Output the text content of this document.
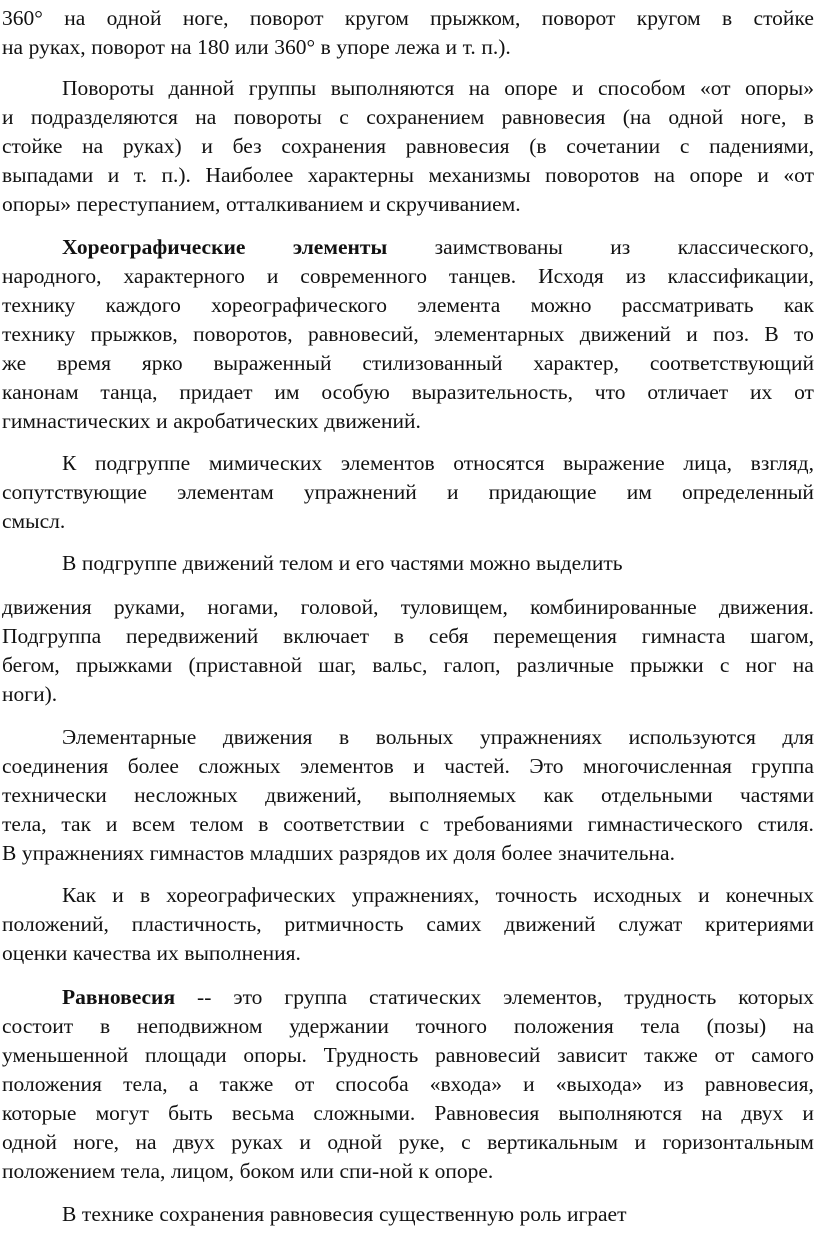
360° на одной ноге, поворот кругом прыжком, поворот кругом в стойке
на руках, поворот на 180 или 360° в упоре лежа и т. п.).
Повороты данной группы выполняются на опоре и способом «от опоры»
и подразделяются на повороты с сохранением равновесия (на одной ноге, в
стойке на руках) и без сохранения равновесия (в сочетании с падениями,
выпадами и т. п.). Наиболее характерны механизмы поворотов на опоре и «от
опоры» переступанием, отталкиванием и скручиванием.
Хореографические элементы заимствованы из классического,
народного, характерного и современного танцев. Исходя из классификации,
технику каждого хореографического элемента можно рассматривать как
технику прыжков, поворотов, равновесий, элементарных движений и поз. В то
же время ярко выраженный стилизованный характер, соответствующий
канонам танца, придает им особую выразительность, что отличает их от
гимнастических и акробатических движений.
К подгруппе мимических элементов относятся выражение лица, взгляд,
сопутствующие элементам упражнений и придающие им определенный
смысл.
В подгруппе движений телом и его частями можно выделить
движения руками, ногами, головой, туловищем, комбинированные движения.
Подгруппа передвижений включает в себя перемещения гимнаста шагом,
бегом, прыжками (приставной шаг, вальс, галоп, различные прыжки с ног на
ноги).
Элементарные движения в вольных упражнениях используются для
соединения более сложных элементов и частей. Это многочисленная группа
технически несложных движений, выполняемых как отдельными частями
тела, так и всем телом в соответствии с требованиями гимнастического стиля.
В упражнениях гимнастов младших разрядов их доля более значительна.
Как и в хореографических упражнениях, точность исходных и конечных
положений, пластичность, ритмичность самих движений служат критериями
оценки качества их выполнения.
Равновесия -- это группа статических элементов, трудность которых
состоит в неподвижном удержании точного положения тела (позы) на
уменьшенной площади опоры. Трудность равновесий зависит также от самого
положения тела, а также от способа «входа» и «выхода» из равновесия,
которые могут быть весьма сложными. Равновесия выполняются на двух и
одной ноге, на двух руках и одной руке, с вертикальным и горизонтальным
положением тела, лицом, боком или спи-ной к опоре.
В технике сохранения равновесия существенную роль играет
